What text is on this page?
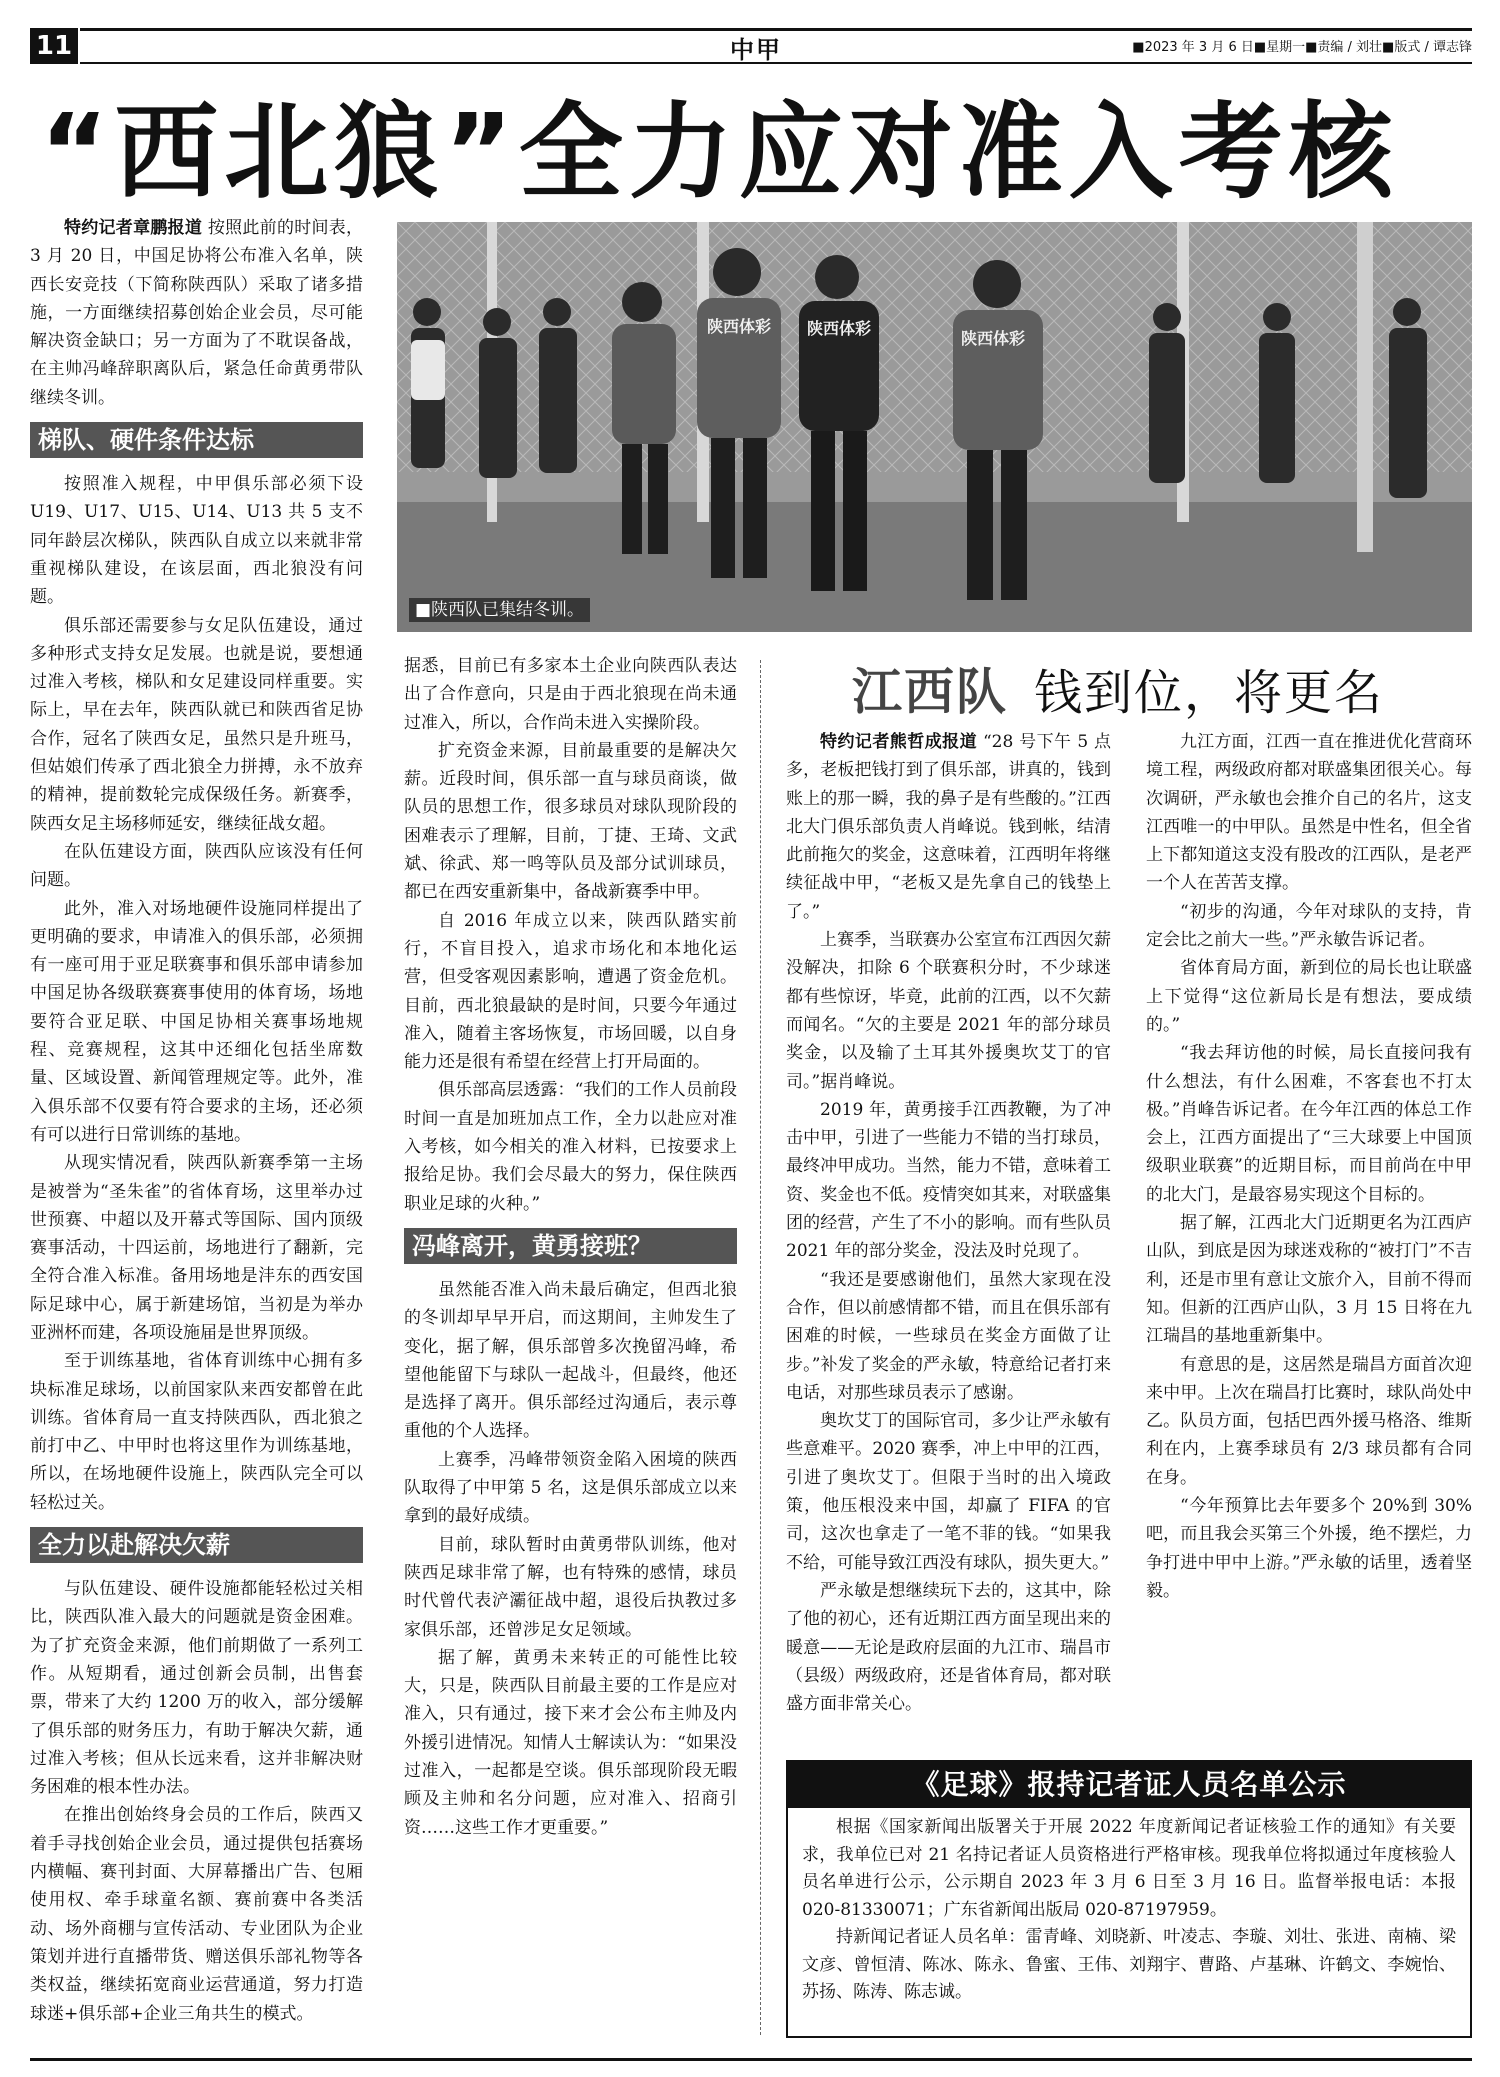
11	中甲	■2023 年 3 月 6 日■星期一■责编 / 刘壮■版式 / 谭志锋
“西北狼”全力应对准入考核

特约记者章鹏报道 按照此前的时间表，3 月 20 日，中国足协将公布准入名单，陕西长安竞技（下简称陕西队）采取了诸多措施，一方面继续招募创始企业会员，尽可能解决资金缺口；另一方面为了不耽误备战，在主帅冯峰辞职离队后，紧急任命黄勇带队继续冬训。

梯队、硬件条件达标

按照准入规程，中甲俱乐部必须下设 U19、U17、U15、U14、U13 共 5 支不同年龄层次梯队，陕西队自成立以来就非常重视梯队建设，在该层面，西北狼没有问题。

俱乐部还需要参与女足队伍建设，通过多种形式支持女足发展。也就是说，要想通过准入考核，梯队和女足建设同样重要。实际上，早在去年，陕西队就已和陕西省足协合作，冠名了陕西女足，虽然只是升班马，但姑娘们传承了西北狼全力拼搏，永不放弃的精神，提前数轮完成保级任务。新赛季，陕西女足主场移师延安，继续征战女超。

在队伍建设方面，陕西队应该没有任何问题。

此外，准入对场地硬件设施同样提出了更明确的要求，申请准入的俱乐部，必须拥有一座可用于亚足联赛事和俱乐部申请参加中国足协各级联赛赛事使用的体育场，场地要符合亚足联、中国足协相关赛事场地规程、竞赛规程，这其中还细化包括坐席数量、区域设置、新闻管理规定等。此外，准入俱乐部不仅要有符合要求的主场，还必须有可以进行日常训练的基地。

从现实情况看，陕西队新赛季第一主场是被誉为“圣朱雀”的省体育场，这里举办过世预赛、中超以及开幕式等国际、国内顶级赛事活动，十四运前，场地进行了翻新，完全符合准入标准。备用场地是沣东的西安国际足球中心，属于新建场馆，当初是为举办亚洲杯而建，各项设施届是世界顶级。

至于训练基地，省体育训练中心拥有多块标准足球场，以前国家队来西安都曾在此训练。省体育局一直支持陕西队，西北狼之前打中乙、中甲时也将这里作为训练基地，所以，在场地硬件设施上，陕西队完全可以轻松过关。

全力以赴解决欠薪

与队伍建设、硬件设施都能轻松过关相比，陕西队准入最大的问题就是资金困难。为了扩充资金来源，他们前期做了一系列工作。从短期看，通过创新会员制，出售套票，带来了大约 1200 万的收入，部分缓解了俱乐部的财务压力，有助于解决欠薪，通过准入考核；但从长远来看，这并非解决财务困难的根本性办法。

在推出创始终身会员的工作后，陕西又着手寻找创始企业会员，通过提供包括赛场内横幅、赛刊封面、大屏幕播出广告、包厢使用权、牵手球童名额、赛前赛中各类活动、场外商棚与宣传活动、专业团队为企业策划并进行直播带货、赠送俱乐部礼物等各类权益，继续拓宽商业运营通道，努力打造球迷+俱乐部+企业三角共生的模式。

陕西体彩 陕西体彩
陕西体彩
■陕西队已集结冬训。

据悉，目前已有多家本土企业向陕西队表达出了合作意向，只是由于西北狼现在尚未通过准入，所以，合作尚未进入实操阶段。

扩充资金来源，目前最重要的是解决欠薪。近段时间，俱乐部一直与球员商谈，做队员的思想工作，很多球员对球队现阶段的困难表示了理解，目前，丁捷、王琦、文武斌、徐武、郑一鸣等队员及部分试训球员，都已在西安重新集中，备战新赛季中甲。

自 2016 年成立以来，陕西队踏实前行，不盲目投入，追求市场化和本地化运营，但受客观因素影响，遭遇了资金危机。目前，西北狼最缺的是时间，只要今年通过准入，随着主客场恢复，市场回暖，以自身能力还是很有希望在经营上打开局面的。

俱乐部高层透露：“我们的工作人员前段时间一直是加班加点工作，全力以赴应对准入考核，如今相关的准入材料，已按要求上报给足协。我们会尽最大的努力，保住陕西职业足球的火种。”

冯峰离开，黄勇接班？

虽然能否准入尚未最后确定，但西北狼的冬训却早早开启，而这期间，主帅发生了变化，据了解，俱乐部曾多次挽留冯峰，希望他能留下与球队一起战斗，但最终，他还是选择了离开。俱乐部经过沟通后，表示尊重他的个人选择。

上赛季，冯峰带领资金陷入困境的陕西队取得了中甲第 5 名，这是俱乐部成立以来拿到的最好成绩。

目前，球队暂时由黄勇带队训练，他对陕西足球非常了解，也有特殊的感情，球员时代曾代表浐灞征战中超，退役后执教过多家俱乐部，还曾涉足女足领域。

据了解，黄勇未来转正的可能性比较大，只是，陕西队目前最主要的工作是应对准入，只有通过，接下来才会公布主帅及内外援引进情况。知情人士解读认为：“如果没过准入，一起都是空谈。俱乐部现阶段无暇顾及主帅和名分问题，应对准入、招商引资……这些工作才更重要。”

江西队 钱到位，将更名

特约记者熊哲成报道 “28 号下午 5 点多，老板把钱打到了俱乐部，讲真的，钱到账上的那一瞬，我的鼻子是有些酸的。”江西北大门俱乐部负责人肖峰说。钱到帐，结清此前拖欠的奖金，这意味着，江西明年将继续征战中甲，“老板又是先拿自己的钱垫上了。”

上赛季，当联赛办公室宣布江西因欠薪没解决，扣除 6 个联赛积分时，不少球迷都有些惊讶，毕竟，此前的江西，以不欠薪而闻名。“欠的主要是 2021 年的部分球员奖金，以及输了土耳其外援奥坎艾丁的官司。”据肖峰说。

2019 年，黄勇接手江西教鞭，为了冲击中甲，引进了一些能力不错的当打球员，最终冲甲成功。当然，能力不错，意味着工资、奖金也不低。疫情突如其来，对联盛集团的经营，产生了不小的影响。而有些队员 2021 年的部分奖金，没法及时兑现了。

“我还是要感谢他们，虽然大家现在没合作，但以前感情都不错，而且在俱乐部有困难的时候，一些球员在奖金方面做了让步。”补发了奖金的严永敏，特意给记者打来电话，对那些球员表示了感谢。

奥坎艾丁的国际官司，多少让严永敏有些意难平。2020 赛季，冲上中甲的江西，引进了奥坎艾丁。但限于当时的出入境政策，他压根没来中国，却赢了 FIFA 的官司，这次也拿走了一笔不菲的钱。“如果我不给，可能导致江西没有球队，损失更大。”

严永敏是想继续玩下去的，这其中，除了他的初心，还有近期江西方面呈现出来的暖意——无论是政府层面的九江市、瑞昌市（县级）两级政府，还是省体育局，都对联盛方面非常关心。

九江方面，江西一直在推进优化营商环境工程，两级政府都对联盛集团很关心。每次调研，严永敏也会推介自己的名片，这支江西唯一的中甲队。虽然是中性名，但全省上下都知道这支没有股改的江西队，是老严一个人在苦苦支撑。

“初步的沟通，今年对球队的支持，肯定会比之前大一些。”严永敏告诉记者。

省体育局方面，新到位的局长也让联盛上下觉得“这位新局长是有想法，要成绩的。”

“我去拜访他的时候，局长直接问我有什么想法，有什么困难，不客套也不打太极。”肖峰告诉记者。在今年江西的体总工作会上，江西方面提出了“三大球要上中国顶级职业联赛”的近期目标，而目前尚在中甲的北大门，是最容易实现这个目标的。

据了解，江西北大门近期更名为江西庐山队，到底是因为球迷戏称的“被打门”不吉利，还是市里有意让文旅介入，目前不得而知。但新的江西庐山队，3 月 15 日将在九江瑞昌的基地重新集中。

有意思的是，这居然是瑞昌方面首次迎来中甲。上次在瑞昌打比赛时，球队尚处中乙。队员方面，包括巴西外援马格洛、维斯利在内，上赛季球员有 2/3 球员都有合同在身。

“今年预算比去年要多个 20%到 30% 吧，而且我会买第三个外援，绝不摆烂，力争打进中甲中上游。”严永敏的话里，透着坚毅。

《足球》报持记者证人员名单公示

根据《国家新闻出版署关于开展 2022 年度新闻记者证核验工作的通知》有关要求，我单位已对 21 名持记者证人员资格进行严格审核。现我单位将拟通过年度核验人员名单进行公示，公示期自 2023 年 3 月 6 日至 3 月 16 日。监督举报电话：本报 020-81330071；广东省新闻出版局 020-87197959。

持新闻记者证人员名单：雷青峰、刘晓新、叶凌志、李璇、刘壮、张进、南楠、梁文彦、曾恒清、陈冰、陈永、鲁蜜、王伟、刘翔宇、曹路、卢基琳、许鹤文、李婉怡、苏扬、陈涛、陈志诚。
